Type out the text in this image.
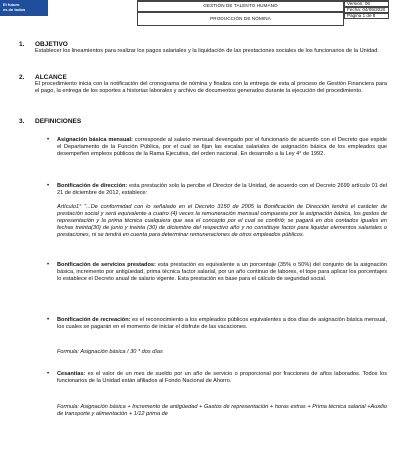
El futuro
es de todos
GESTIÓN DE TALENTO HUMANO
PRODUCCIÓN DE NÓMINA
Versión: 06
Fecha: 04/09/2020
Página 1 de 8
1. OBJETIVO
Establecer los lineamientos para realizar los pagos salariales y la liquidación de las prestaciones sociales de los funcionarios de la Unidad.
2. ALCANCE
El procedimiento inicia con la notificación del cronograma de nómina y finaliza con la entrega de esta al proceso de Gestión Financiera para el pago, la entrega de los soportes a historias laborales y archivo de documentos generados durante la ejecución del procedimiento.
3. DEFINICIONES
• Asignación básica mensual: corresponde al salario mensual devengado por el funcionario de acuerdo con el Decreto que expide el Departamento de la Función Pública, por el cual se fijan las escalas salariales de asignación básica de los empleados que desempeñen empleos públicos de la Rama Ejecutiva, del orden nacional. En desarrollo a la Ley 4° de 1992.
• Bonificación de dirección: esta prestación solo la percibe el Director de la Unidad, de acuerdo con el Decreto 2699 artículo 01 del 21 de diciembre de 2012, establece:
Artículo1° "...De conformidad con lo señalado en el Decreto 3150 de 2005 la Bonificación de Dirección tendrá el carácter de prestación social y será equivalente a cuatro (4) veces la remuneración mensual compuesta por la asignación básica, los gastos de representación y la prima técnica cualquiera que sea el concepto por el cual se confirió; se pagará en dos contados iguales en fechas treinta(30) de junio y treinta (30) de diciembre del respectivo año y no constituye factor para liquidar elementos salariales o prestaciones, ni se tendrá en cuenta para determinar remuneraciones de otros empleados públicos.
• Bonificación de servicios prestados: esta prestación es equivalente a un porcentaje (35% o 50%) del conjunto de la asignación básica, incremento por antigüedad, prima técnica factor salarial, por un año continuo de labores, el tope para aplicar los porcentajes lo establece el Decreto anual de salario vigente. Esta prestación es base para el cálculo de seguridad social.
• Bonificación de recreación: es el reconocimiento a los empleados públicos equivalentes a dos días de asignación básica mensual, los cuales se pagarán en el momento de iniciar el disfrute de las vacaciones.
Formula: Asignación básica / 30 * dos días
• Cesantías: es el valor de un mes de sueldo por un año de servicio o proporcional por fracciones de años laborados. Todos los funcionarios de la Unidad están afiliados al Fondo Nacional de Ahorro.
Formula: Asignación básica + Incremento de antigüedad + Gastos de representación + horas extras + Prima técnica salarial +Auxilio de transporte y alimentación + 1/12 prima de
